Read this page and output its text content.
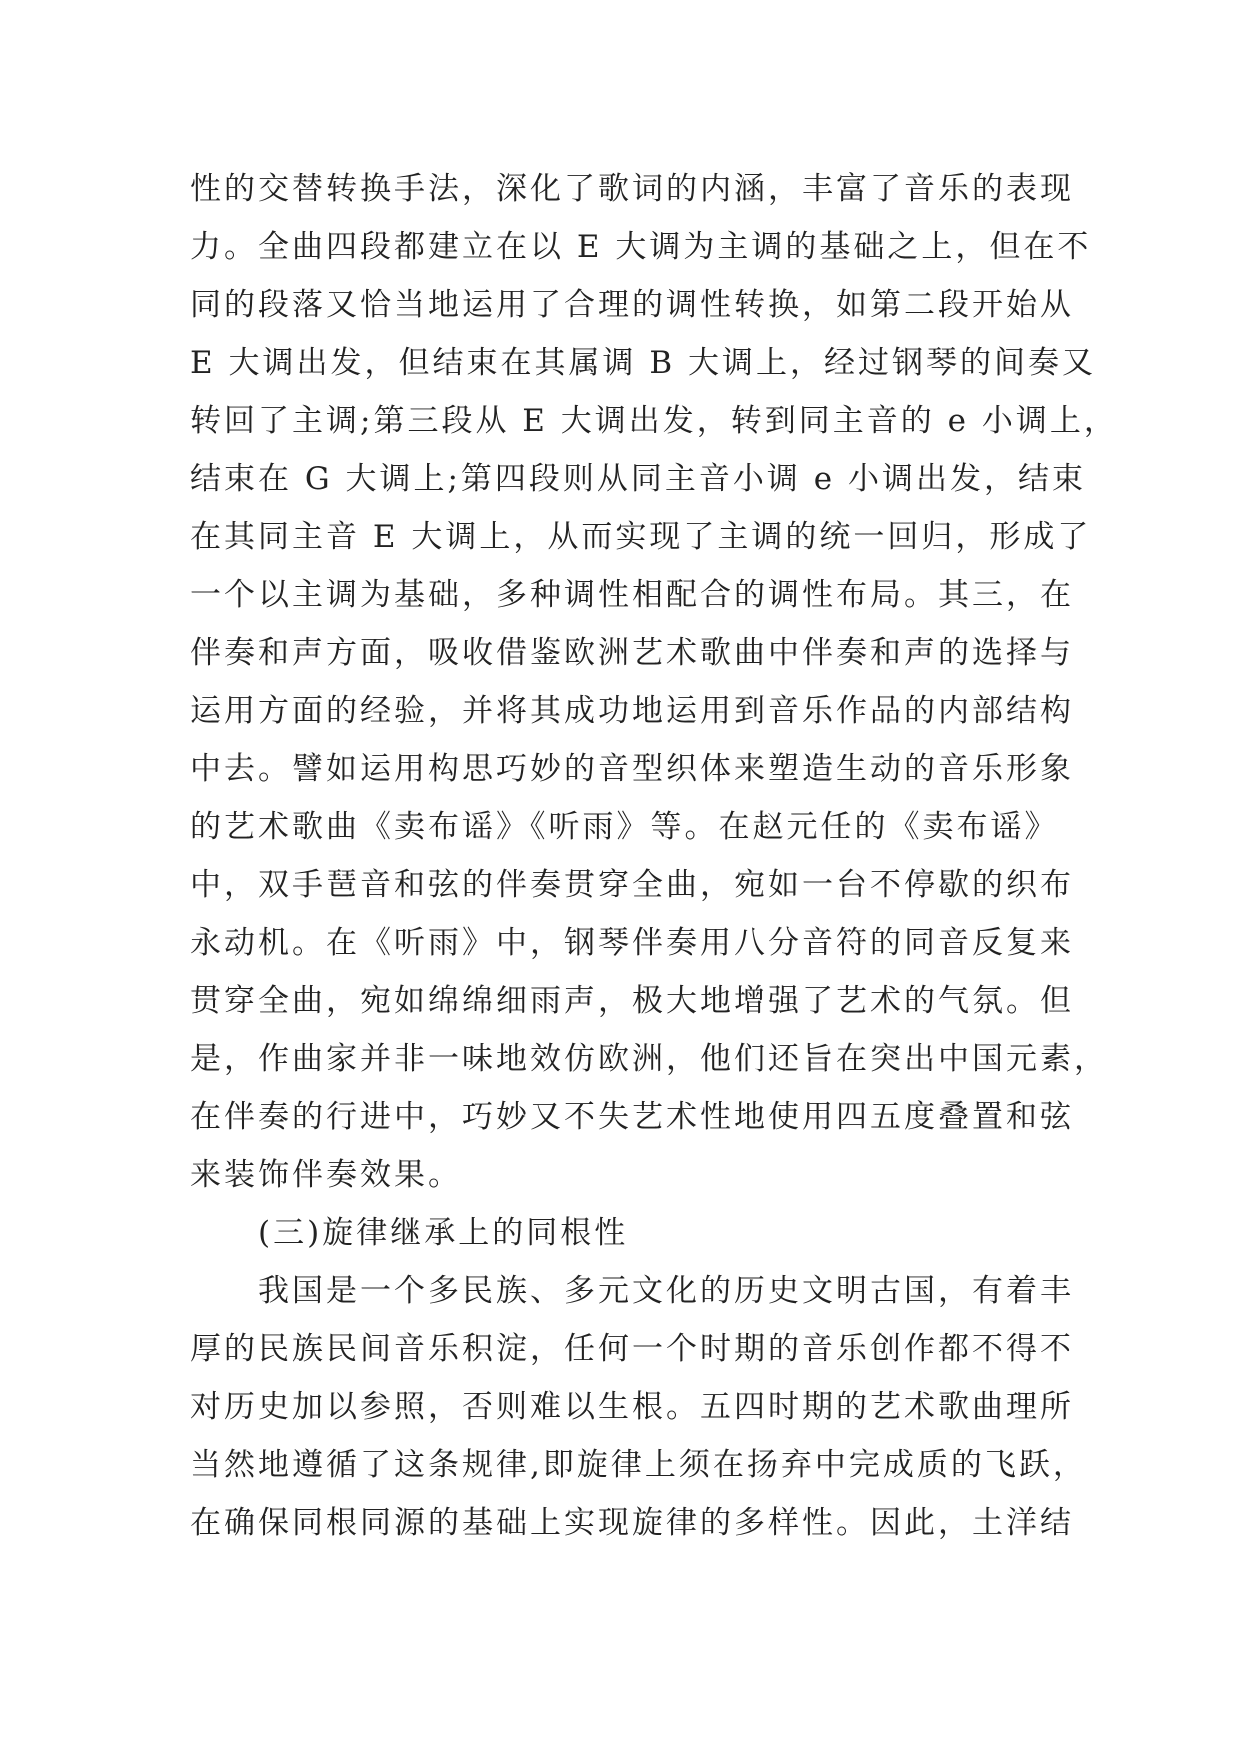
性的交替转换手法，深化了歌词的内涵，丰富了音乐的表现
力。全曲四段都建立在以 E 大调为主调的基础之上，但在不
同的段落又恰当地运用了合理的调性转换，如第二段开始从
E 大调出发，但结束在其属调 B 大调上，经过钢琴的间奏又
转回了主调;第三段从 E 大调出发，转到同主音的 e 小调上，
结束在 G 大调上;第四段则从同主音小调 e 小调出发，结束
在其同主音 E 大调上，从而实现了主调的统一回归，形成了
一个以主调为基础，多种调性相配合的调性布局。其三，在
伴奏和声方面，吸收借鉴欧洲艺术歌曲中伴奏和声的选择与
运用方面的经验，并将其成功地运用到音乐作品的内部结构
中去。譬如运用构思巧妙的音型织体来塑造生动的音乐形象
的艺术歌曲《卖布谣》《听雨》等。在赵元任的《卖布谣》
中，双手琶音和弦的伴奏贯穿全曲，宛如一台不停歇的织布
永动机。在《听雨》中，钢琴伴奏用八分音符的同音反复来
贯穿全曲，宛如绵绵细雨声，极大地增强了艺术的气氛。但
是，作曲家并非一味地效仿欧洲，他们还旨在突出中国元素，
在伴奏的行进中，巧妙又不失艺术性地使用四五度叠置和弦
来装饰伴奏效果。
(三)旋律继承上的同根性
我国是一个多民族、多元文化的历史文明古国，有着丰
厚的民族民间音乐积淀，任何一个时期的音乐创作都不得不
对历史加以参照，否则难以生根。五四时期的艺术歌曲理所
当然地遵循了这条规律,即旋律上须在扬弃中完成质的飞跃，
在确保同根同源的基础上实现旋律的多样性。因此，土洋结
